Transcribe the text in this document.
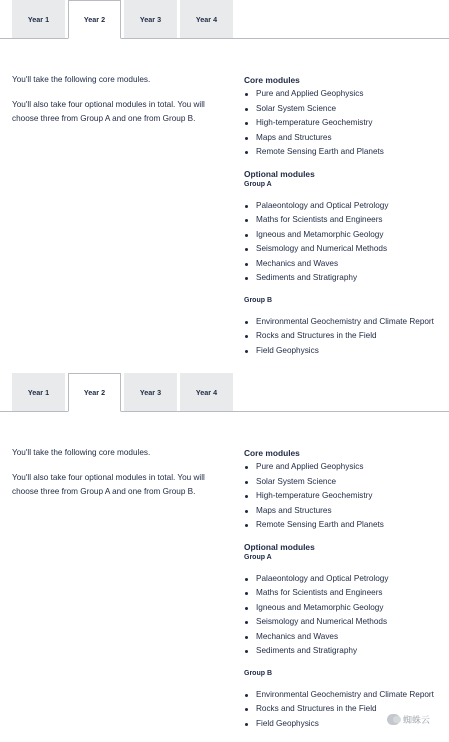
Year 1	Year 2	Year 3	Year 4

You'll take the following core modules.

You'll also take four optional modules in total. You will choose three from Group A and one from Group B.

Core modules
Pure and Applied Geophysics
Solar System Science
High-temperature Geochemistry
Maps and Structures
Remote Sensing Earth and Planets
Optional modules
Group A
Palaeontology and Optical Petrology
Maths for Scientists and Engineers
Igneous and Metamorphic Geology
Seismology and Numerical Methods
Mechanics and Waves
Sediments and Stratigraphy
Group B
Environmental Geochemistry and Climate Report
Rocks and Structures in the Field
Field Geophysics
Year 1	Year 2	Year 3	Year 4

You'll take the following core modules.

You'll also take four optional modules in total. You will choose three from Group A and one from Group B.

Core modules
Pure and Applied Geophysics
Solar System Science
High-temperature Geochemistry
Maps and Structures
Remote Sensing Earth and Planets
Optional modules
Group A
Palaeontology and Optical Petrology
Maths for Scientists and Engineers
Igneous and Metamorphic Geology
Seismology and Numerical Methods
Mechanics and Waves
Sediments and Stratigraphy
Group B
Environmental Geochemistry and Climate Report
Rocks and Structures in the Field
Field Geophysics	蜘蛛云
